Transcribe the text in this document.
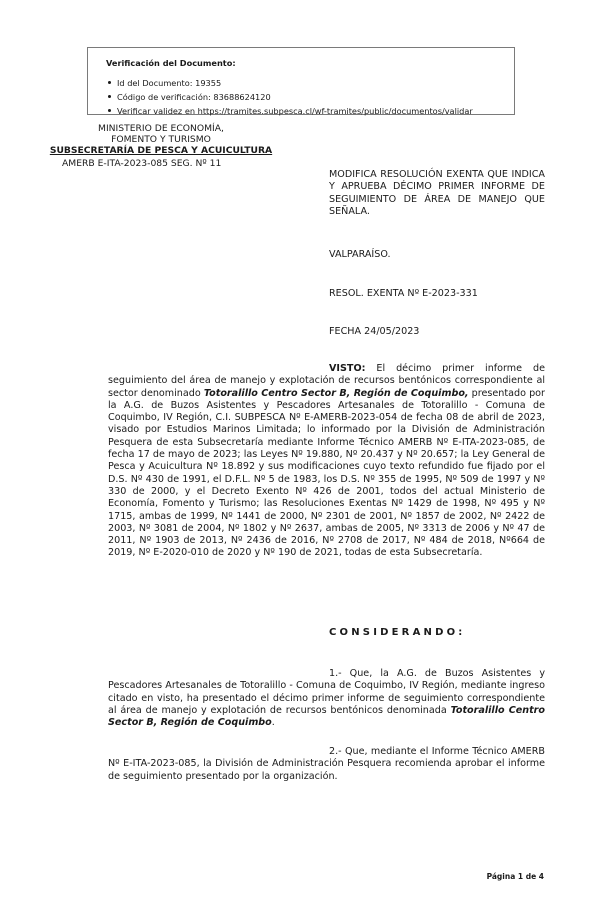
Verificación del Documento:
Id del Documento: 19355
Código de verificación: 83688624120
Verificar validez en https://tramites.subpesca.cl/wf-tramites/public/documentos/validar
MINISTERIO DE ECONOMÍA,
FOMENTO Y TURISMO
SUBSECRETARÍA DE PESCA Y ACUICULTURA
AMERB E-ITA-2023-085 SEG. Nº 11
MODIFICA RESOLUCIÓN EXENTA QUE INDICA Y APRUEBA DÉCIMO PRIMER INFORME DE SEGUIMIENTO DE ÁREA DE MANEJO QUE SEÑALA.
VALPARAÍSO.
RESOL. EXENTA Nº E-2023-331
FECHA 24/05/2023
VISTO: El décimo primer informe de seguimiento del área de manejo y explotación de recursos bentónicos correspondiente al sector denominado Totoralillo Centro Sector B, Región de Coquimbo, presentado por la A.G. de Buzos Asistentes y Pescadores Artesanales de Totoralillo - Comuna de Coquimbo, IV Región, C.I. SUBPESCA Nº E-AMERB-2023-054 de fecha 08 de abril de 2023, visado por Estudios Marinos Limitada; lo informado por la División de Administración Pesquera de esta Subsecretaría mediante Informe Técnico AMERB Nº E-ITA-2023-085, de fecha 17 de mayo de 2023; las Leyes Nº 19.880, Nº 20.437 y Nº 20.657; la Ley General de Pesca y Acuicultura Nº 18.892 y sus modificaciones cuyo texto refundido fue fijado por el D.S. Nº 430 de 1991, el D.F.L. Nº 5 de 1983, los D.S. Nº 355 de 1995, Nº 509 de 1997 y Nº 330 de 2000, y el Decreto Exento Nº 426 de 2001, todos del actual Ministerio de Economía, Fomento y Turismo; las Resoluciones Exentas Nº 1429 de 1998, Nº 495 y Nº 1715, ambas de 1999, Nº 1441 de 2000, Nº 2301 de 2001, Nº 1857 de 2002, Nº 2422 de 2003, Nº 3081 de 2004, Nº 1802 y Nº 2637, ambas de 2005, Nº 3313 de 2006 y Nº 47 de 2011, Nº 1903 de 2013, Nº 2436 de 2016, Nº 2708 de 2017, Nº 484 de 2018, Nº664 de 2019, Nº E-2020-010 de 2020 y Nº 190 de 2021, todas de esta Subsecretaría.
CONSIDERANDO:
1.- Que, la A.G. de Buzos Asistentes y Pescadores Artesanales de Totoralillo - Comuna de Coquimbo, IV Región, mediante ingreso citado en visto, ha presentado el décimo primer informe de seguimiento correspondiente al área de manejo y explotación de recursos bentónicos denominada Totoralillo Centro Sector B, Región de Coquimbo.
2.- Que, mediante el Informe Técnico AMERB Nº E-ITA-2023-085, la División de Administración Pesquera recomienda aprobar el informe de seguimiento presentado por la organización.
Página 1 de 4
